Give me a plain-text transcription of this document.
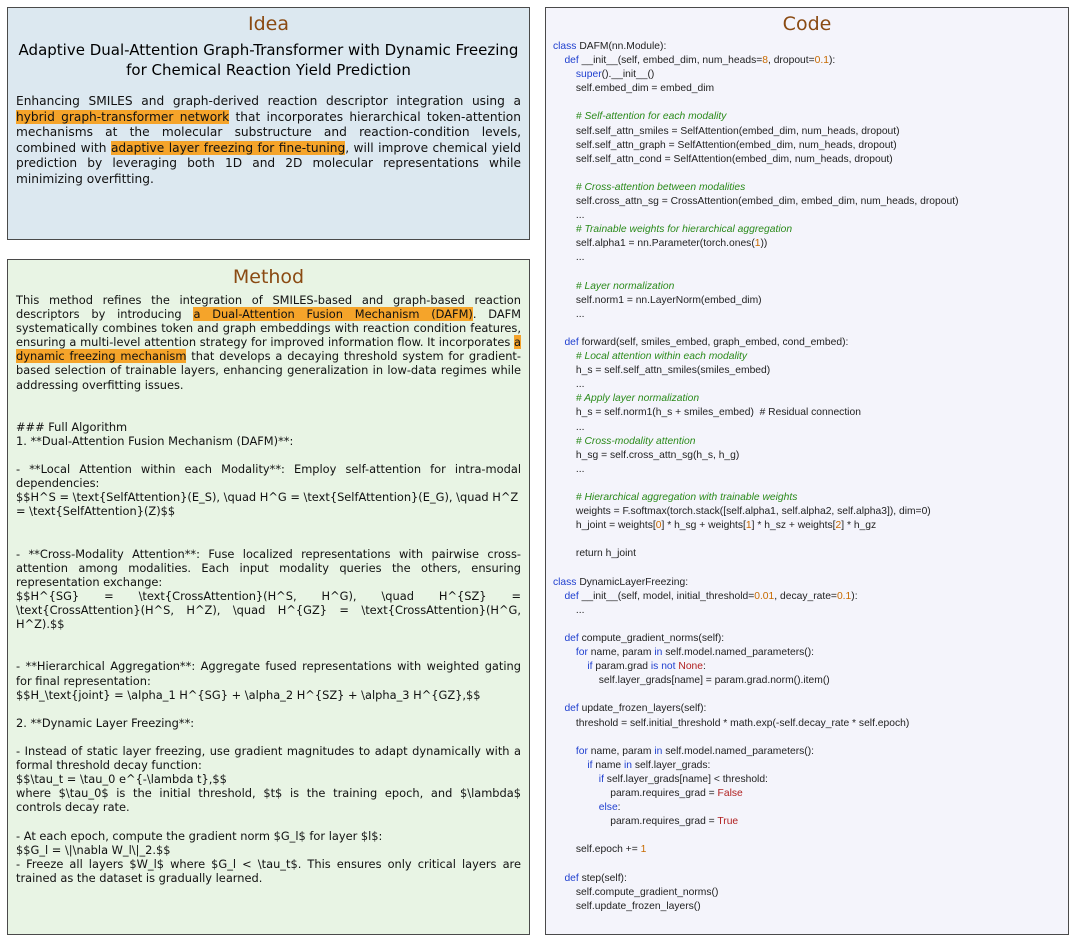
Idea
Adaptive Dual-Attention Graph-Transformer with Dynamic Freezing for Chemical Reaction Yield Prediction
Enhancing SMILES and graph-derived reaction descriptor integration using a hybrid graph-transformer network that incorporates hierarchical token-attention mechanisms at the molecular substructure and reaction-condition levels, combined with adaptive layer freezing for fine-tuning, will improve chemical yield prediction by leveraging both 1D and 2D molecular representations while minimizing overfitting.
Method
This method refines the integration of SMILES-based and graph-based reaction descriptors by introducing a Dual-Attention Fusion Mechanism (DAFM). DAFM systematically combines token and graph embeddings with reaction condition features, ensuring a multi-level attention strategy for improved information flow. It incorporates a dynamic freezing mechanism that develops a decaying threshold system for gradient-based selection of trainable layers, enhancing generalization in low-data regimes while addressing overfitting issues.
### Full Algorithm
1. **Dual-Attention Fusion Mechanism (DAFM)**:
- **Local Attention within each Modality**: Employ self-attention for intra-modal dependencies:
$$H^S = \text{SelfAttention}(E_S), \quad H^G = \text{SelfAttention}(E_G), \quad H^Z = \text{SelfAttention}(Z)$$
- **Cross-Modality Attention**: Fuse localized representations with pairwise cross-attention among modalities. Each input modality queries the others, ensuring representation exchange:
$$H^{SG} = \text{CrossAttention}(H^S, H^G), \quad H^{SZ} = \text{CrossAttention}(H^S, H^Z), \quad H^{GZ} = \text{CrossAttention}(H^G, H^Z).$$
- **Hierarchical Aggregation**: Aggregate fused representations with weighted gating for final representation:
$$H_\text{joint} = \alpha_1 H^{SG} + \alpha_2 H^{SZ} + \alpha_3 H^{GZ},$$
2. **Dynamic Layer Freezing**:
- Instead of static layer freezing, use gradient magnitudes to adapt dynamically with a formal threshold decay function:
$$\tau_t = \tau_0 e^{-\lambda t},$$
where $\tau_0$ is the initial threshold, $t$ is the training epoch, and $\lambda$ controls decay rate.
- At each epoch, compute the gradient norm $G_l$ for layer $l$:
$$G_l = \|\nabla W_l\|_2.$$
- Freeze all layers $W_l$ where $G_l < \tau_t$. This ensures only critical layers are trained as the dataset is gradually learned.
Code
class DAFM(nn.Module):
def __init__(self, embed_dim, num_heads=8, dropout=0.1):
super().__init__()
self.embed_dim = embed_dim
# Self-attention for each modality
self.self_attn_smiles = SelfAttention(embed_dim, num_heads, dropout)
self.self_attn_graph = SelfAttention(embed_dim, num_heads, dropout)
self.self_attn_cond = SelfAttention(embed_dim, num_heads, dropout)
# Cross-attention between modalities
self.cross_attn_sg = CrossAttention(embed_dim, embed_dim, num_heads, dropout)
...
# Trainable weights for hierarchical aggregation
self.alpha1 = nn.Parameter(torch.ones(1))
...
# Layer normalization
self.norm1 = nn.LayerNorm(embed_dim)
...
def forward(self, smiles_embed, graph_embed, cond_embed):
# Local attention within each modality
h_s = self.self_attn_smiles(smiles_embed)
...
# Apply layer normalization
h_s = self.norm1(h_s + smiles_embed)  # Residual connection
...
# Cross-modality attention
h_sg = self.cross_attn_sg(h_s, h_g)
...
# Hierarchical aggregation with trainable weights
weights = F.softmax(torch.stack([self.alpha1, self.alpha2, self.alpha3]), dim=0)
h_joint = weights[0] * h_sg + weights[1] * h_sz + weights[2] * h_gz
return h_joint
class DynamicLayerFreezing:
def __init__(self, model, initial_threshold=0.01, decay_rate=0.1):
...
def compute_gradient_norms(self):
for name, param in self.model.named_parameters():
if param.grad is not None:
self.layer_grads[name] = param.grad.norm().item()
def update_frozen_layers(self):
threshold = self.initial_threshold * math.exp(-self.decay_rate * self.epoch)
for name, param in self.model.named_parameters():
if name in self.layer_grads:
if self.layer_grads[name] < threshold:
param.requires_grad = False
else:
param.requires_grad = True
self.epoch += 1
def step(self):
self.compute_gradient_norms()
self.update_frozen_layers()
